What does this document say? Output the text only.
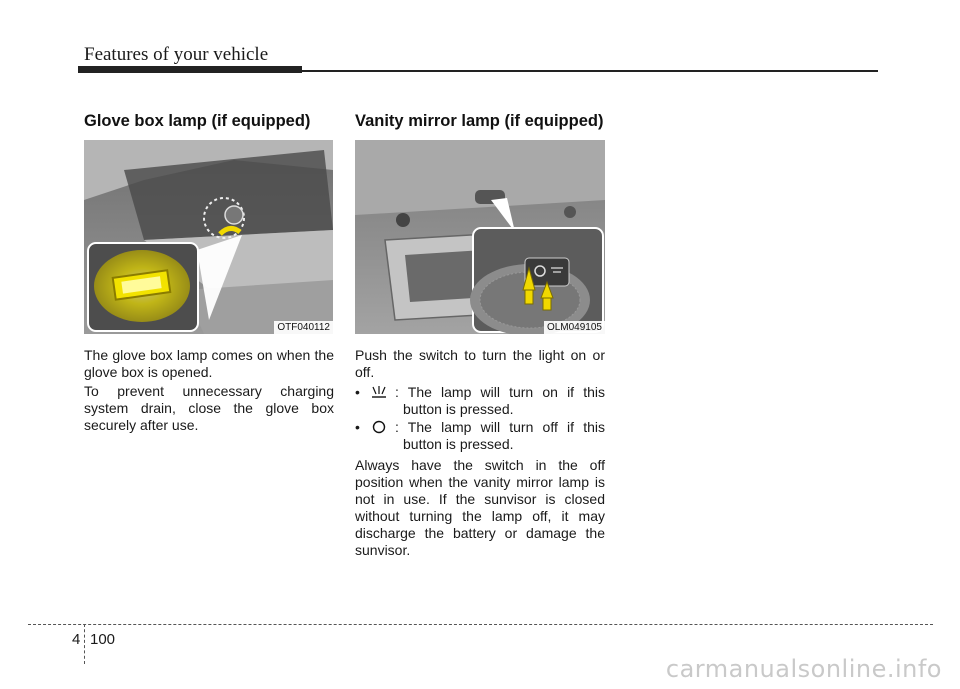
Features of your vehicle
Glove box lamp (if equipped)
OTF040112
The glove box lamp comes on when the glove box is opened.
To prevent unnecessary charging system drain, close the glove box securely after use.
Vanity mirror lamp (if equipped)
OLM049105
Push the switch to turn the light on or off.
•	: The lamp will turn on if this
button is pressed.
•	: The lamp will turn off if this
button is pressed.
Always have the switch in the off position when the vanity mirror lamp is not in use. If the sunvisor is closed without turning the lamp off, it may discharge the battery or damage the sunvisor.
4 100
carmanualsonline.info
